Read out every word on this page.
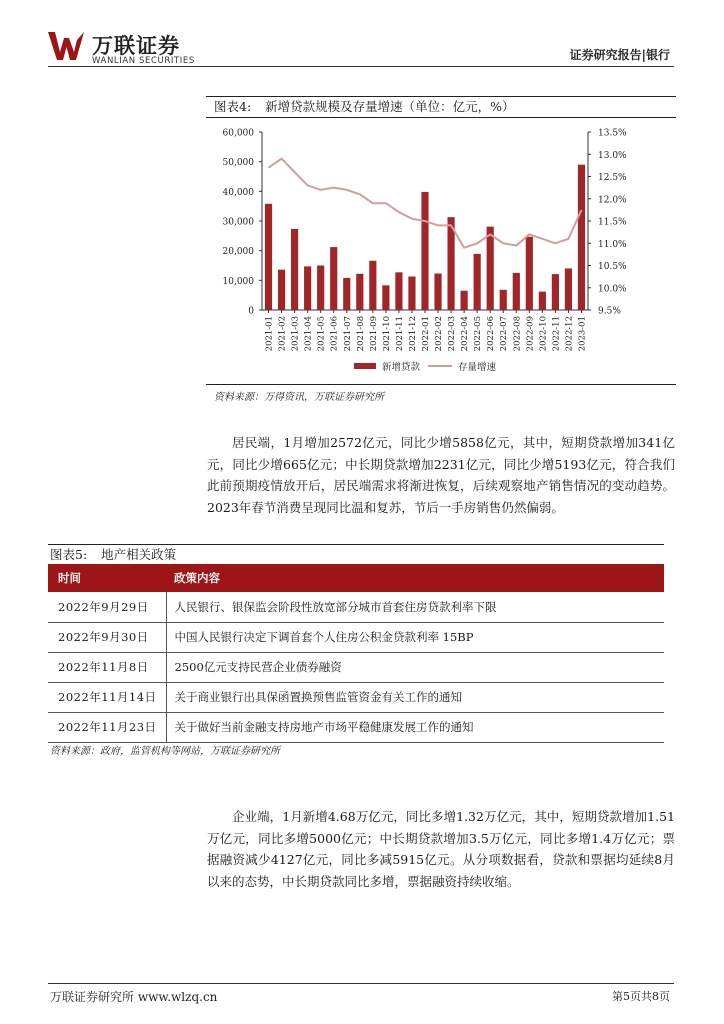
万联证券
WANLIAN SECURITIES	证券研究报告|银行
图表4: 新增贷款规模及存量增速（单位：亿元，%）
0
10,000
20,000
30,000
40,000
50,000
60,000
9.5%
10.0%
10.5%
11.0%
11.5%
12.0%
12.5%
13.0%
13.5%
2021-01 2021-02 2021-03 2021-04 2021-05 2021-06 2021-07 2021-08 2021-09 2021-10 2021-11 2021-12 2022-01 2022-02 2022-03 2022-04 2022-05 2022-06 2022-07 2022-08 2022-09 2022-10 2022-11 2022-12 2023-01
新增贷款	存量增速
资料来源：万得资讯，万联证券研究所

居民端，1月增加2572亿元，同比少增5858亿元，其中，短期贷款增加341亿元，同比少增665亿元；中长期贷款增加2231亿元，同比少增5193亿元，符合我们此前预期疫情放开后，居民端需求将渐进恢复，后续观察地产销售情况的变动趋势。2023年春节消费呈现同比温和复苏，节后一手房销售仍然偏弱。

图表5: 地产相关政策
时间	政策内容
2022年9月29日	人民银行、银保监会阶段性放宽部分城市首套住房贷款利率下限
2022年9月30日	中国人民银行决定下调首套个人住房公积金贷款利率 15BP
2022年11月8日	2500亿元支持民营企业债券融资
2022年11月14日	关于商业银行出具保函置换预售监管资金有关工作的通知
2022年11月23日	关于做好当前金融支持房地产市场平稳健康发展工作的通知
资料来源：政府，监管机构等网站，万联证券研究所

企业端，1月新增4.68万亿元，同比多增1.32万亿元，其中，短期贷款增加1.51万亿元，同比多增5000亿元；中长期贷款增加3.5万亿元，同比多增1.4万亿元；票据融资减少4127亿元，同比多减5915亿元。从分项数据看，贷款和票据均延续8月以来的态势，中长期贷款同比多增，票据融资持续收缩。

万联证券研究所 www.wlzq.cn	第5页共8页
